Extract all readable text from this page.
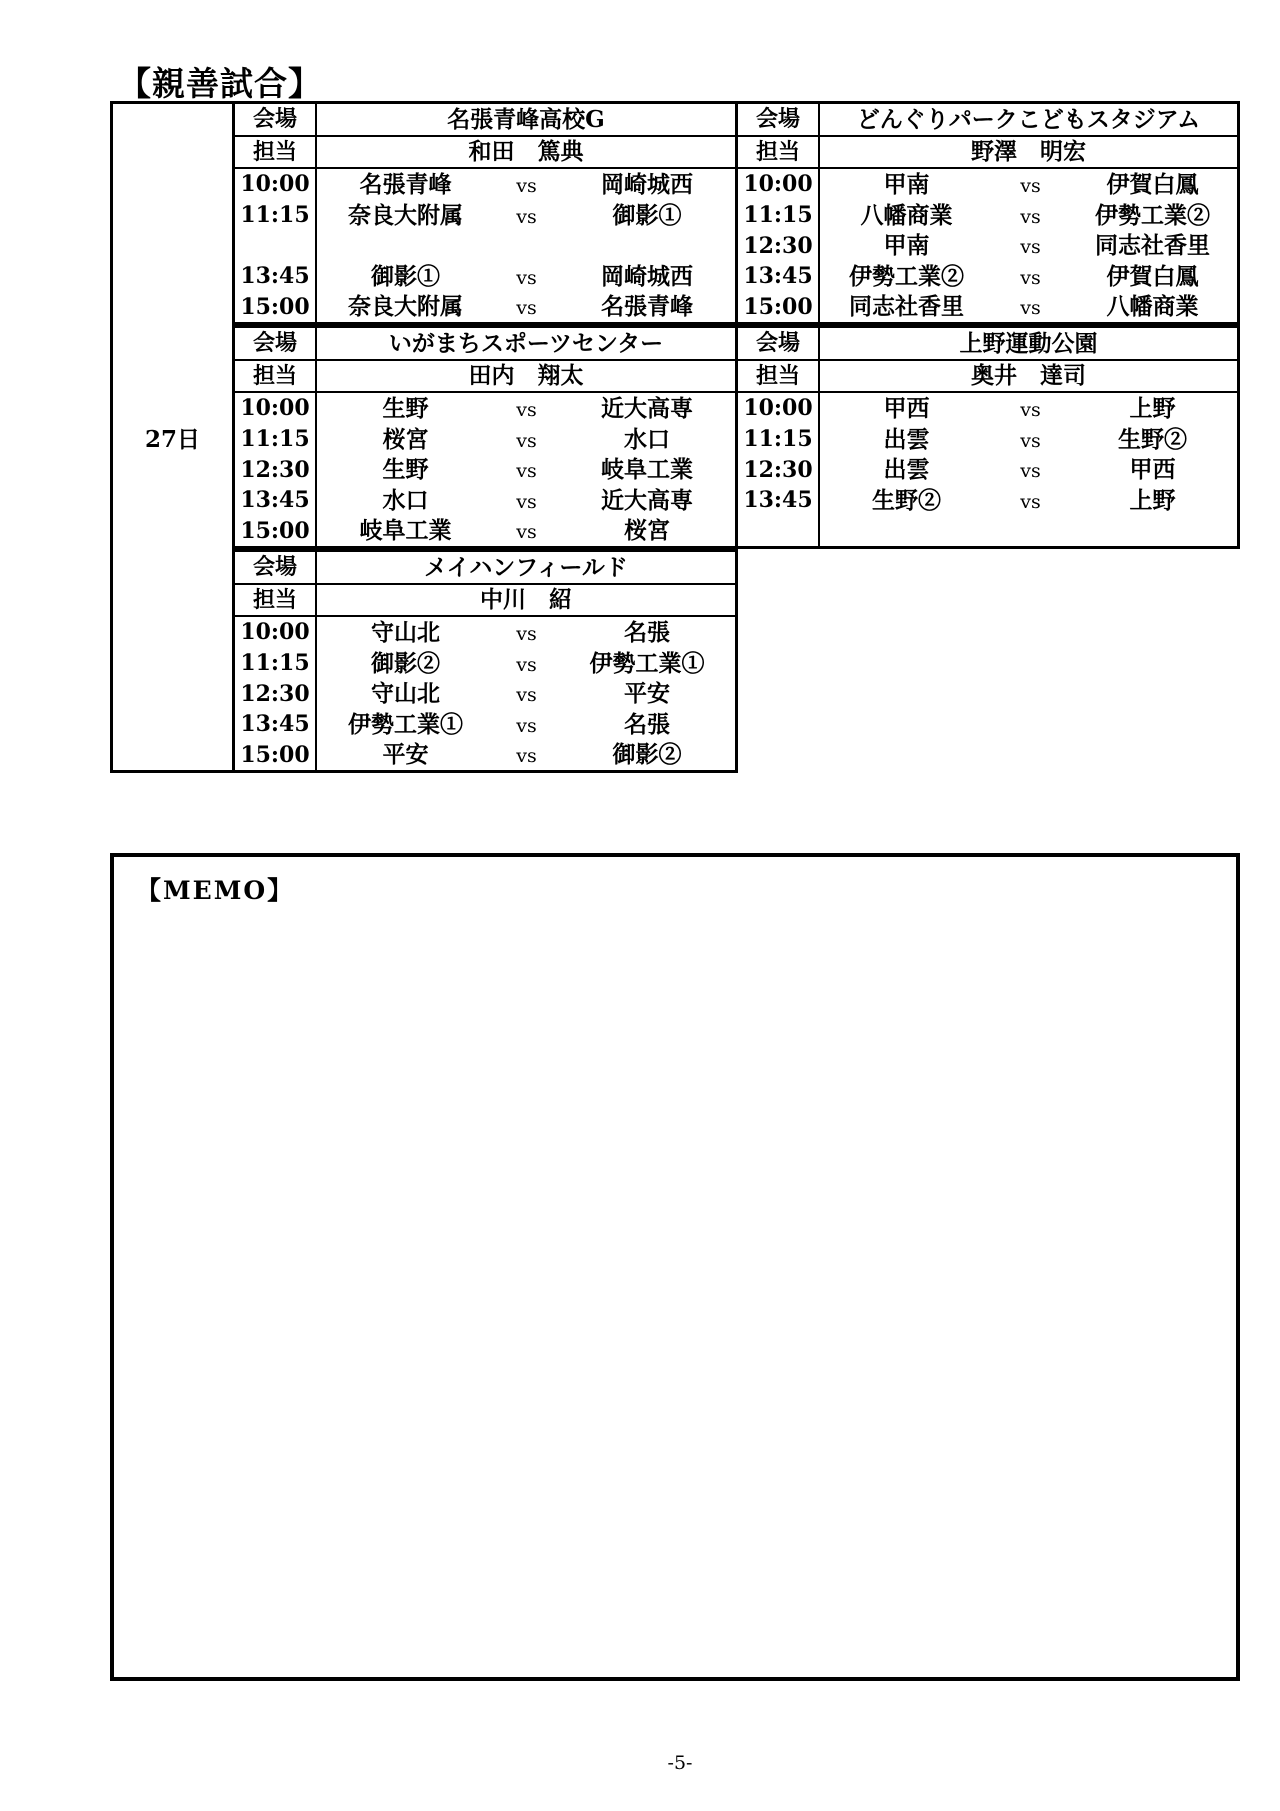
【親善試合】
27日
会場	名張青峰高校G
担当	和田　篤典
10:00	名張青峰	vs	岡崎城西
11:15	奈良大附属	vs	御影①
13:45	御影①	vs	岡崎城西
15:00	奈良大附属	vs	名張青峰
会場	いがまちスポーツセンター
担当	田内　翔太
10:00	生野	vs	近大高専
11:15	桜宮	vs	水口
12:30	生野	vs	岐阜工業
13:45	水口	vs	近大高専
15:00	岐阜工業	vs	桜宮
会場	メイハンフィールド
担当	中川　紹
10:00	守山北	vs	名張
11:15	御影②	vs	伊勢工業①
12:30	守山北	vs	平安
13:45	伊勢工業①	vs	名張
15:00	平安	vs	御影②
会場	どんぐりパークこどもスタジアム
担当	野澤　明宏
10:00	甲南	vs	伊賀白鳳
11:15	八幡商業	vs	伊勢工業②
12:30	甲南	vs	同志社香里
13:45	伊勢工業②	vs	伊賀白鳳
15:00	同志社香里	vs	八幡商業
会場	上野運動公園
担当	奥井　達司
10:00	甲西	vs	上野
11:15	出雲	vs	生野②
12:30	出雲	vs	甲西
13:45	生野②	vs	上野
【MEMO】
-5-
